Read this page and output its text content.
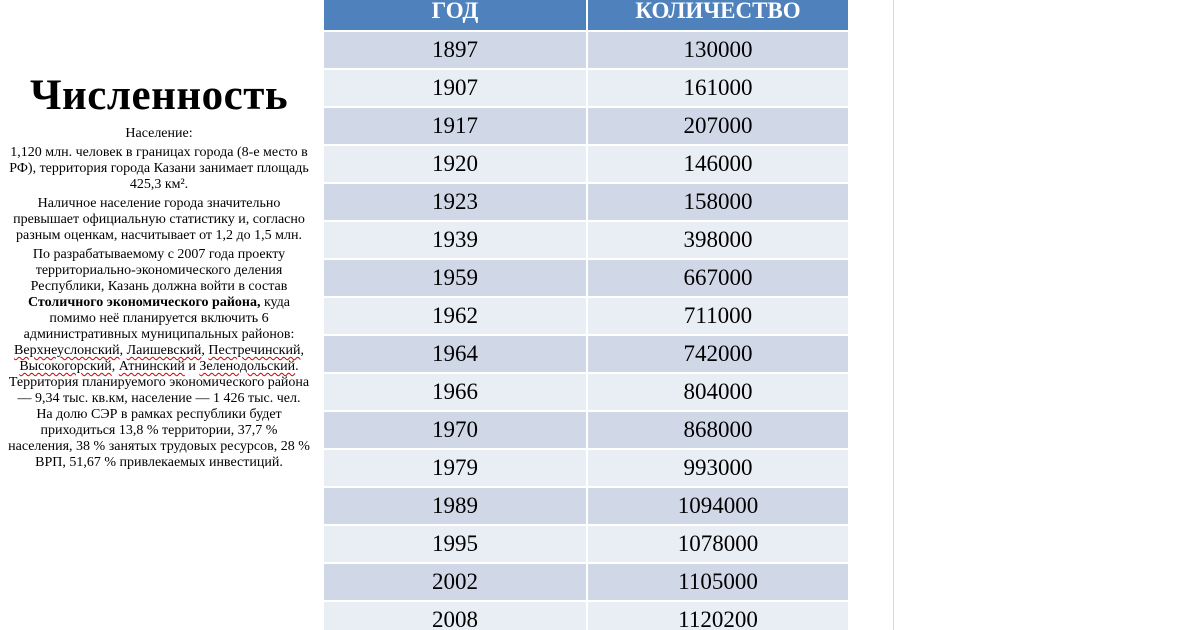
Численность

Население:

1,120 млн. человек в границах города (8-е место в РФ), территория города Казани занимает площадь 425,3 км².

Наличное население города значительно превышает официальную статистику и, согласно разным оценкам, насчитывает от 1,2 до 1,5 млн.

По разрабатываемому с 2007 года проекту территориально-экономического деления Республики, Казань должна войти в состав Столичного экономического района, куда помимо неё планируется включить 6 административных муниципальных районов: Верхнеуслонский, Лаишевский, Пестречинский, Высокогорский, Атнинский и Зеленодольский. Территория планируемого экономического района — 9,34 тыс. кв.км, население — 1 426 тыс. чел. На долю СЭР в рамках республики будет приходиться 13,8 % территории, 37,7 % населения, 38 % занятых трудовых ресурсов, 28 % ВРП, 51,67 % привлекаемых инвестиций.

ГОД	КОЛИЧЕСТВО
1897	130000
1907	161000
1917	207000
1920	146000
1923	158000
1939	398000
1959	667000
1962	711000
1964	742000
1966	804000
1970	868000
1979	993000
1989	1094000
1995	1078000
2002	1105000
2008	1120200
